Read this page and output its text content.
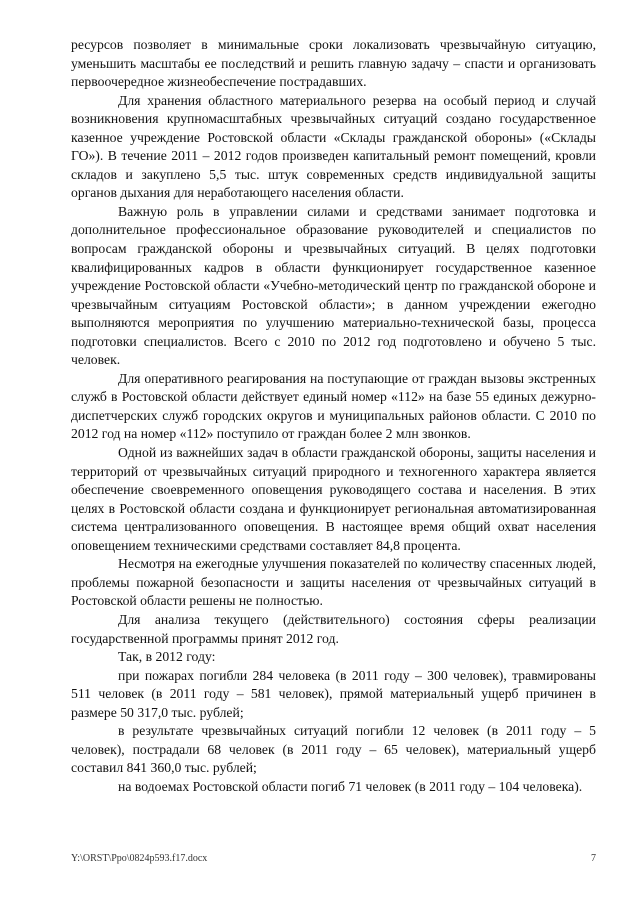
ресурсов позволяет в минимальные сроки локализовать чрезвычайную ситуацию, уменьшить масштабы ее последствий и решить главную задачу – спасти и организовать первоочередное жизнеобеспечение пострадавших.

Для хранения областного материального резерва на особый период и случай возникновения крупномасштабных чрезвычайных ситуаций создано государственное казенное учреждение Ростовской области «Склады гражданской обороны» («Склады ГО»). В течение 2011 – 2012 годов произведен капитальный ремонт помещений, кровли складов и закуплено 5,5 тыс. штук современных средств индивидуальной защиты органов дыхания для неработающего населения области.

Важную роль в управлении силами и средствами занимает подготовка и дополнительное профессиональное образование руководителей и специалистов по вопросам гражданской обороны и чрезвычайных ситуаций. В целях подготовки квалифицированных кадров в области функционирует государственное казенное учреждение Ростовской области «Учебно-методический центр по гражданской обороне и чрезвычайным ситуациям Ростовской области»; в данном учреждении ежегодно выполняются мероприятия по улучшению материально-технической базы, процесса подготовки специалистов. Всего с 2010 по 2012 год подготовлено и обучено 5 тыс. человек.

Для оперативного реагирования на поступающие от граждан вызовы экстренных служб в Ростовской области действует единый номер «112» на базе 55 единых дежурно-диспетчерских служб городских округов и муниципальных районов области. С 2010 по 2012 год на номер «112» поступило от граждан более 2 млн звонков.

Одной из важнейших задач в области гражданской обороны, защиты населения и территорий от чрезвычайных ситуаций природного и техногенного характера является обеспечение своевременного оповещения руководящего состава и населения. В этих целях в Ростовской области создана и функционирует региональная автоматизированная система централизованного оповещения. В настоящее время общий охват населения оповещением техническими средствами составляет 84,8 процента.

Несмотря на ежегодные улучшения показателей по количеству спасенных людей, проблемы пожарной безопасности и защиты населения от чрезвычайных ситуаций в Ростовской области решены не полностью.

Для анализа текущего (действительного) состояния сферы реализации государственной программы принят 2012 год.

Так, в 2012 году:

при пожарах погибли 284 человека (в 2011 году – 300 человек), травмированы 511 человек (в 2011 году – 581 человек), прямой материальный ущерб причинен в размере 50 317,0 тыс. рублей;

в результате чрезвычайных ситуаций погибли 12 человек (в 2011 году – 5 человек), пострадали 68 человек (в 2011 году – 65 человек), материальный ущерб составил 841 360,0 тыс. рублей;

на водоемах Ростовской области погиб 71 человек (в 2011 году – 104 человека).

Y:\ORST\Ppo\0824p593.f17.docx	7
